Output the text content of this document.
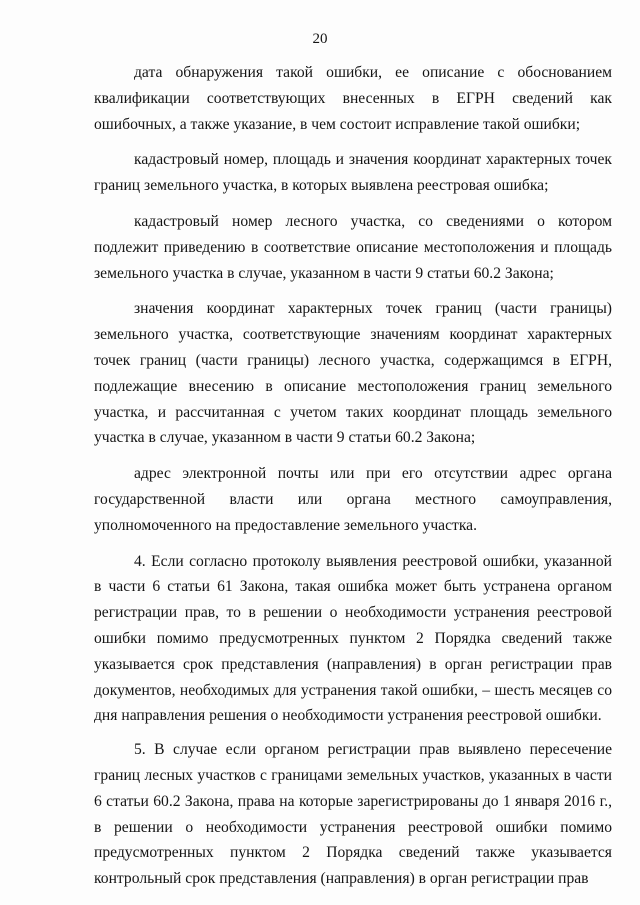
20

дата обнаружения такой ошибки, ее описание с обоснованием квалификации соответствующих внесенных в ЕГРН сведений как ошибочных, а также указание, в чем состоит исправление такой ошибки;

кадастровый номер, площадь и значения координат характерных точек границ земельного участка, в которых выявлена реестровая ошибка;

кадастровый номер лесного участка, со сведениями о котором подлежит приведению в соответствие описание местоположения и площадь земельного участка в случае, указанном в части 9 статьи 60.2 Закона;

значения координат характерных точек границ (части границы) земельного участка, соответствующие значениям координат характерных точек границ (части границы) лесного участка, содержащимся в ЕГРН, подлежащие внесению в описание местоположения границ земельного участка, и рассчитанная с учетом таких координат площадь земельного участка в случае, указанном в части 9 статьи 60.2 Закона;

адрес электронной почты или при его отсутствии адрес органа государственной власти или органа местного самоуправления, уполномоченного на предоставление земельного участка.

4. Если согласно протоколу выявления реестровой ошибки, указанной в части 6 статьи 61 Закона, такая ошибка может быть устранена органом регистрации прав, то в решении о необходимости устранения реестровой ошибки помимо предусмотренных пунктом 2 Порядка сведений также указывается срок представления (направления) в орган регистрации прав документов, необходимых для устранения такой ошибки, – шесть месяцев со дня направления решения о необходимости устранения реестровой ошибки.

5. В случае если органом регистрации прав выявлено пересечение границ лесных участков с границами земельных участков, указанных в части 6 статьи 60.2 Закона, права на которые зарегистрированы до 1 января 2016 г., в решении о необходимости устранения реестровой ошибки помимо предусмотренных пунктом 2 Порядка сведений также указывается контрольный срок представления (направления) в орган регистрации прав
